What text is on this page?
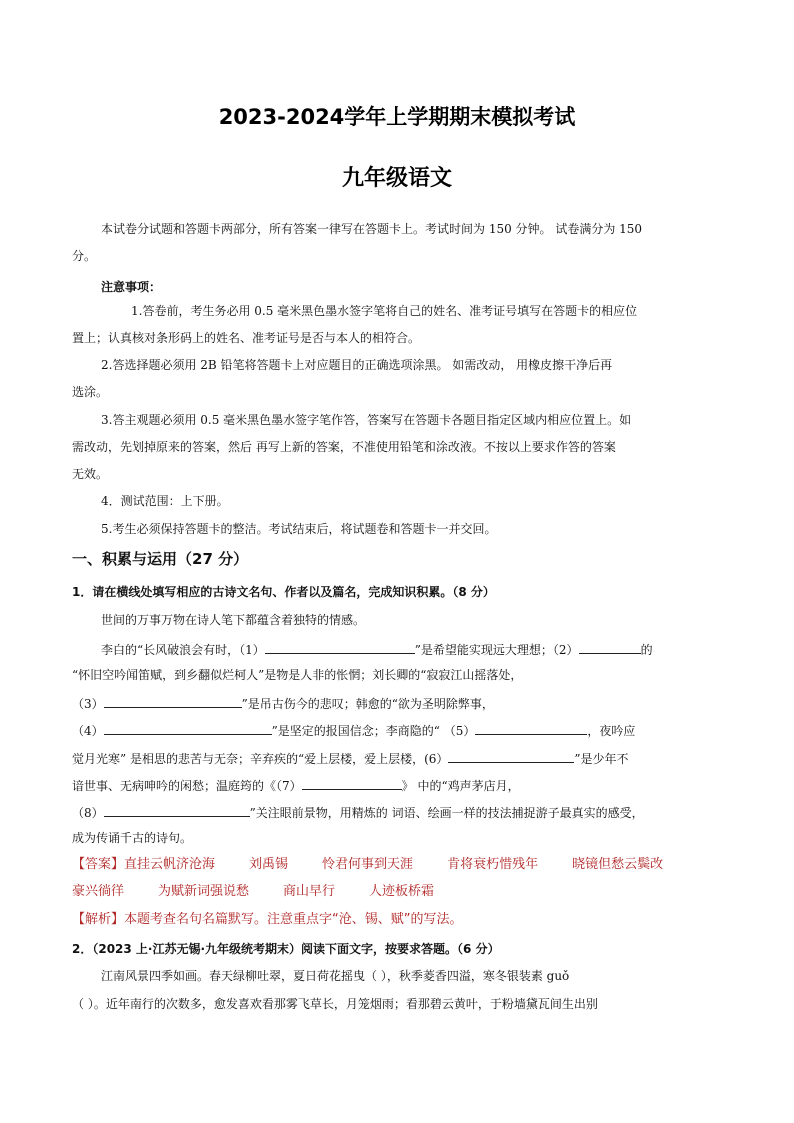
2023-2024学年上学期期末模拟考试
九年级语文
本试卷分试题和答题卡两部分，所有答案一律写在答题卡上。考试时间为 150 分钟。 试卷满分为 150
分。
注意事项：
1.答卷前，考生务必用 0.5 毫米黑色墨水签字笔将自己的姓名、准考证号填写在答题卡的相应位
置上；认真核对条形码上的姓名、准考证号是否与本人的相符合。
2.答选择题必须用 2B 铅笔将答题卡上对应题目的正确选项涂黑。 如需改动， 用橡皮擦干净后再
选涂。
3.答主观题必须用 0.5 毫米黑色墨水签字笔作答，答案写在答题卡各题目指定区域内相应位置上。如
需改动，先划掉原来的答案，然后 再写上新的答案，不准使用铅笔和涂改液。不按以上要求作答的答案
无效。
4．测试范围：上下册。
5.考生必须保持答题卡的整洁。考试结束后，将试题卷和答题卡一并交回。
一、积累与运用（27 分）
1．请在横线处填写相应的古诗文名句、作者以及篇名，完成知识积累。（8 分）
世间的万事万物在诗人笔下都蕴含着独特的情感。
李白的“长风破浪会有时，（1）	”是希望能实现远大理想；（2）	的
“怀旧空吟闻笛赋，到乡翻似烂柯人”是物是人非的怅惘；刘长卿的“寂寂江山摇落处，
（3）	”是吊古伤今的悲叹；韩愈的“欲为圣明除弊事，
（4）	”是坚定的报国信念；李商隐的“ （5）	，夜吟应
觉月光寒” 是相思的悲苦与无奈；辛弃疾的“爱上层楼，爱上层楼，(6）	”是少年不
谙世事、无病呻吟的闲愁；温庭筠的《（7）	》 中的“鸡声茅店月，
（8）	”关注眼前景物，用精炼的 词语、绘画一样的技法捕捉游子最真实的感受，
成为传诵千古的诗句。
【答案】直挂云帆济沧海	刘禹锡	怜君何事到天涯	肯将衰朽惜残年	晓镜但愁云鬓改
豪兴徜徉	为赋新词强说愁	商山早行	人迹板桥霜
【解析】本题考查名句名篇默写。注意重点字“沧、锡、赋”的写法。
2．（2023 上·江苏无锡·九年级统考期末）阅读下面文字，按要求答题。（6 分）
江南风景四季如画。春天绿柳吐翠，夏日荷花摇曳（ ），秋季菱香四溢，寒冬银装素 guǒ
（ ）。近年南行的次数多，愈发喜欢看那雾飞草长，月笼烟雨；看那碧云黄叶，于粉墙黛瓦间生出别
